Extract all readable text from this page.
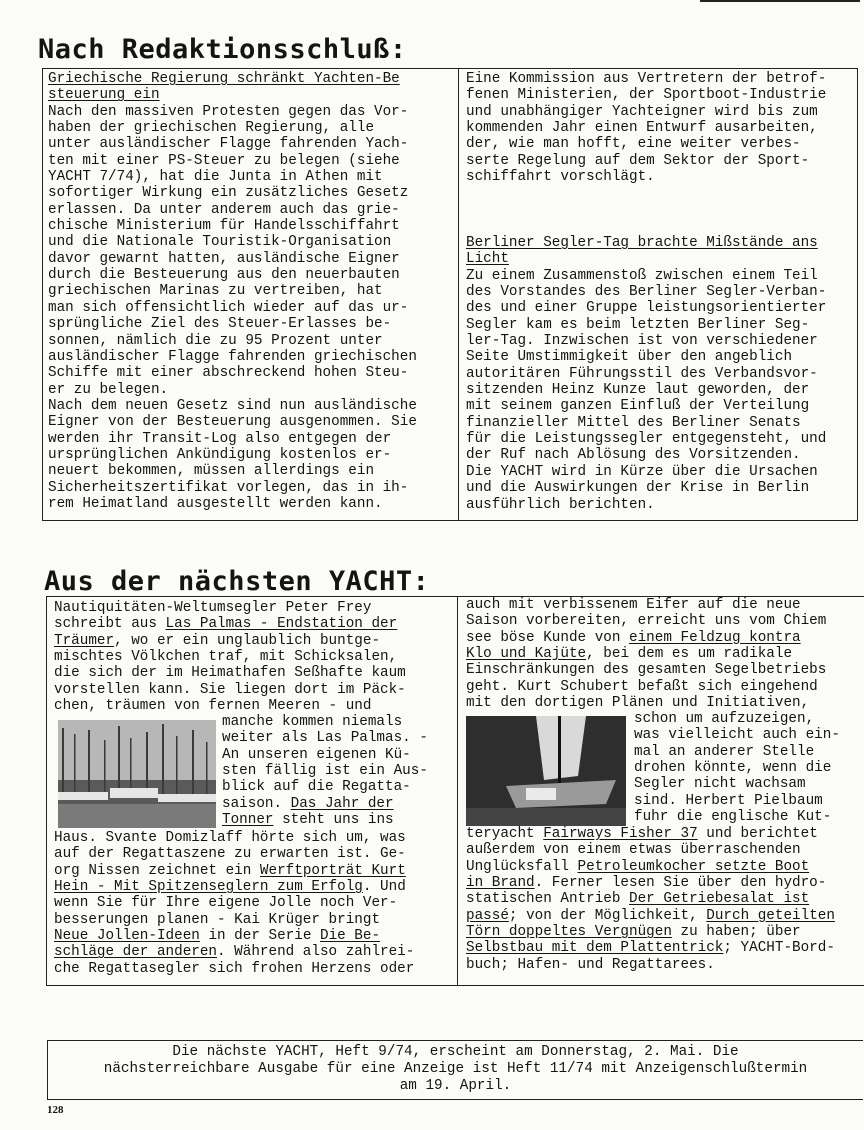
Nach Redaktionsschluß:
Griechische Regierung schränkt Yachten-Be
steuerung ein
Nach den massiven Protesten gegen das Vor-
haben der griechischen Regierung, alle
unter ausländischer Flagge fahrenden Yach-
ten mit einer PS-Steuer zu belegen (siehe
YACHT 7/74), hat die Junta in Athen mit
sofortiger Wirkung ein zusätzliches Gesetz
erlassen. Da unter anderem auch das grie-
chische Ministerium für Handelsschiffahrt
und die Nationale Touristik-Organisation
davor gewarnt hatten, ausländische Eigner
durch die Besteuerung aus den neuerbauten
griechischen Marinas zu vertreiben, hat
man sich offensichtlich wieder auf das ur-
sprüngliche Ziel des Steuer-Erlasses be-
sonnen, nämlich die zu 95 Prozent unter
ausländischer Flagge fahrenden griechischen
Schiffe mit einer abschreckend hohen Steu-
er zu belegen.
Nach dem neuen Gesetz sind nun ausländische
Eigner von der Besteuerung ausgenommen. Sie
werden ihr Transit-Log also entgegen der
ursprünglichen Ankündigung kostenlos er-
neuert bekommen, müssen allerdings ein
Sicherheitszertifikat vorlegen, das in ih-
rem Heimatland ausgestellt werden kann.
Eine Kommission aus Vertretern der betrof-
fenen Ministerien, der Sportboot-Industrie
und unabhängiger Yachteigner wird bis zum
kommenden Jahr einen Entwurf ausarbeiten,
der, wie man hofft, eine weiter verbes-
serte Regelung auf dem Sektor der Sport-
schiffahrt vorschlägt.
Berliner Segler-Tag brachte Mißstände ans
Licht
Zu einem Zusammenstoß zwischen einem Teil
des Vorstandes des Berliner Segler-Verban-
des und einer Gruppe leistungsorientierter
Segler kam es beim letzten Berliner Seg-
ler-Tag. Inzwischen ist von verschiedener
Seite Umstimmigkeit über den angeblich
autoritären Führungsstil des Verbandsvor-
sitzenden Heinz Kunze laut geworden, der
mit seinem ganzen Einfluß der Verteilung
finanzieller Mittel des Berliner Senats
für die Leistungssegler entgegensteht, und
der Ruf nach Ablösung des Vorsitzenden.
Die YACHT wird in Kürze über die Ursachen
und die Auswirkungen der Krise in Berlin
ausführlich berichten.
Aus der nächsten YACHT:
Nautiquitäten-Weltumsegler Peter Frey
schreibt aus Las Palmas - Endstation der
Träumer, wo er ein unglaublich buntge-
mischtes Völkchen traf, mit Schicksalen,
die sich der im Heimathafen Seßhafte kaum
vorstellen kann. Sie liegen dort im Päck-
chen, träumen von fernen Meeren - und
manche kommen niemals
weiter als Las Palmas. -
An unseren eigenen Kü-
sten fällig ist ein Aus-
blick auf die Regatta-
saison. Das Jahr der
Tonner steht uns ins
Haus. Svante Domizlaff hörte sich um, was
auf der Regattaszene zu erwarten ist. Ge-
org Nissen zeichnet ein Werftporträt Kurt
Hein - Mit Spitzenseglern zum Erfolg. Und
wenn Sie für Ihre eigene Jolle noch Ver-
besserungen planen - Kai Krüger bringt
Neue Jollen-Ideen in der Serie Die Be-
schläge der anderen. Während also zahlrei-
che Regattasegler sich frohen Herzens oder
auch mit verbissenem Eifer auf die neue
Saison vorbereiten, erreicht uns vom Chiem
see böse Kunde von einem Feldzug kontra
Klo und Kajüte, bei dem es um radikale
Einschränkungen des gesamten Segelbetriebs
geht. Kurt Schubert befaßt sich eingehend
mit den dortigen Plänen und Initiativen,
schon um aufzuzeigen,
was vielleicht auch ein-
mal an anderer Stelle
drohen könnte, wenn die
Segler nicht wachsam
sind. Herbert Pielbaum
fuhr die englische Kut-
teryacht Fairways Fisher 37 und berichtet
außerdem von einem etwas überraschenden
Unglücksfall Petroleumkocher setzte Boot
in Brand. Ferner lesen Sie über den hydro-
statischen Antrieb Der Getriebesalat ist
passé; von der Möglichkeit, Durch geteilten
Törn doppeltes Vergnügen zu haben; über
Selbstbau mit dem Plattentrick; YACHT-Bord-
buch; Hafen- und Regattarees.
Die nächste YACHT, Heft 9/74, erscheint am Donnerstag, 2. Mai. Die
nächsterreichbare Ausgabe für eine Anzeige ist Heft 11/74 mit Anzeigenschlußtermin
am 19. April.
128
